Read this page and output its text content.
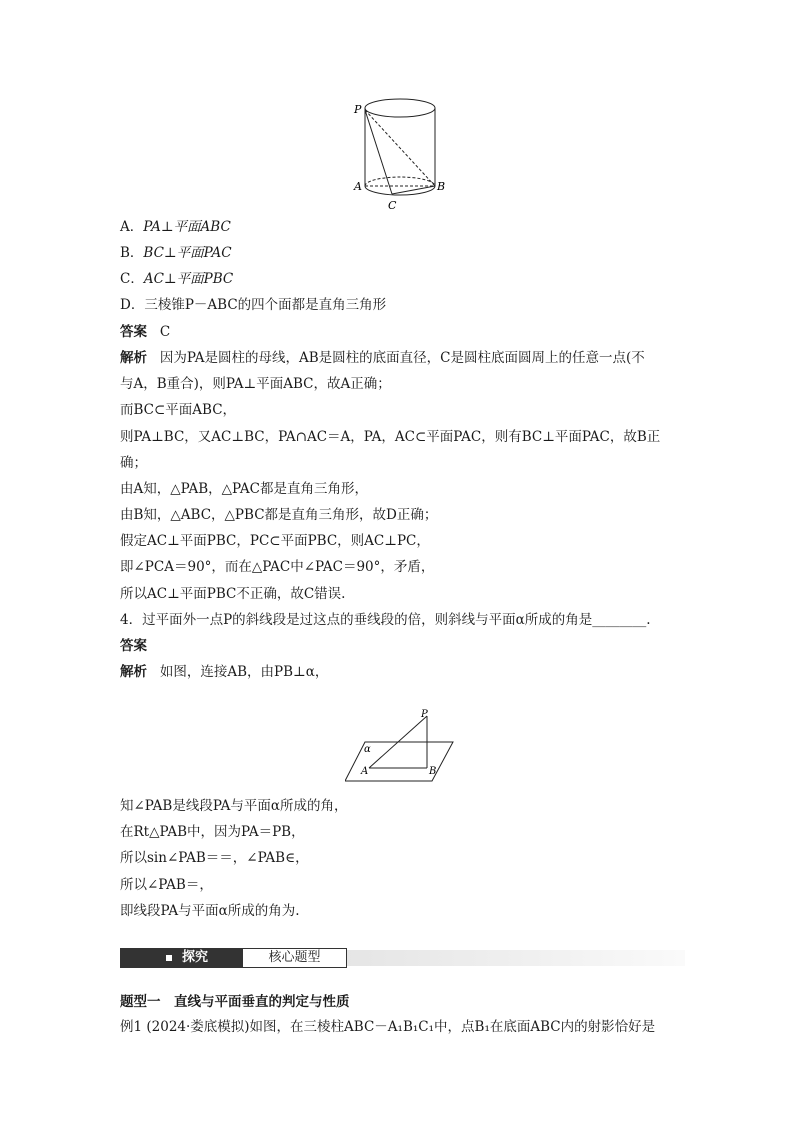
P
A	B
C
A．PA⊥平面ABC
B．BC⊥平面PAC
C．AC⊥平面PBC
D．三棱锥P－ABC的四个面都是直角三角形
答案 C
解析 因为PA是圆柱的母线，AB是圆柱的底面直径，C是圆柱底面圆周上的任意一点(不
与A，B重合)，则PA⊥平面ABC，故A正确；
而BC⊂平面ABC，
则PA⊥BC，又AC⊥BC，PA∩AC＝A，PA，AC⊂平面PAC，则有BC⊥平面PAC，故B正
确；
由A知，△PAB，△PAC都是直角三角形，
由B知，△ABC，△PBC都是直角三角形，故D正确；
假定AC⊥平面PBC，PC⊂平面PBC，则AC⊥PC，
即∠PCA＝90°，而在△PAC中∠PAC＝90°，矛盾，
所以AC⊥平面PBC不正确，故C错误.
4．过平面外一点P的斜线段是过这点的垂线段的倍，则斜线与平面α所成的角是________.
答案
解析 如图，连接AB，由PB⊥α，
P
α
A	B
知∠PAB是线段PA与平面α所成的角，
在Rt△PAB中，因为PA＝PB，
所以sin∠PAB＝＝，∠PAB∈，
所以∠PAB＝，
即线段PA与平面α所成的角为.
探究	核心题型
题型一　直线与平面垂直的判定与性质
例1 (2024·娄底模拟)如图，在三棱柱ABC－A₁B₁C₁中，点B₁在底面ABC内的射影恰好是
